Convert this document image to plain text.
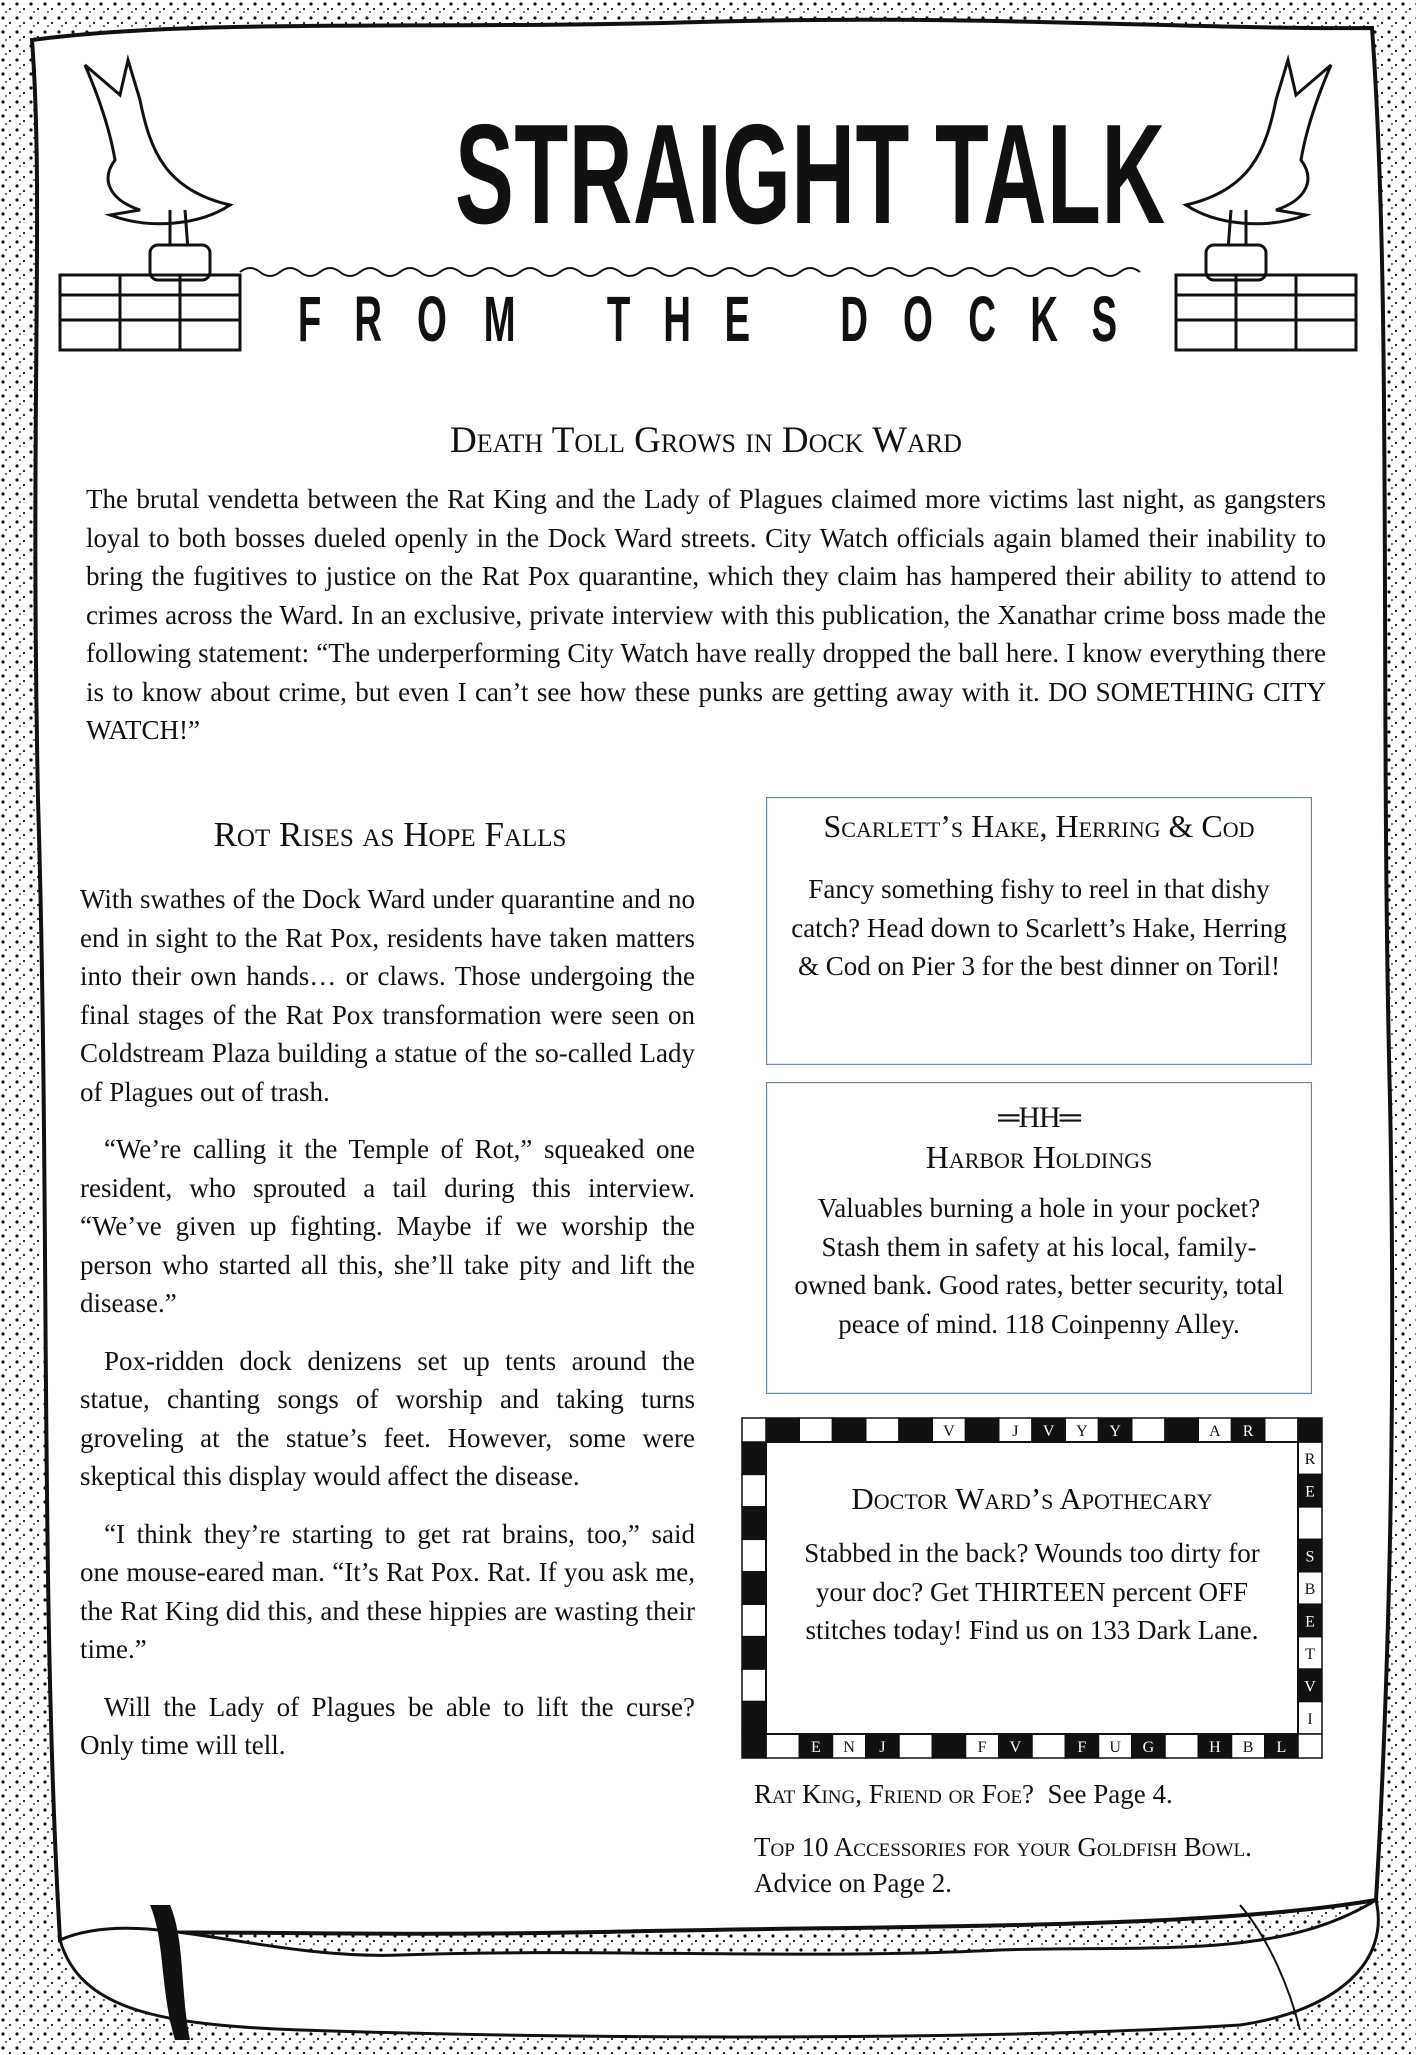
E N J
V
F
J
V
V Y
F
Y
U G
A
H
R
B L
R
E
S
B
E
T
V
I
STRAIGHT TALK
F R O M T H E D O C K S
Death Toll Grows in Dock Ward
The brutal vendetta between the Rat King and the Lady of Plagues claimed more victims last night, as gangsters loyal to both bosses dueled openly in the Dock Ward streets. City Watch officials again blamed their inability to bring the fugitives to justice on the Rat Pox quarantine, which they claim has hampered their ability to attend to crimes across the Ward. In an exclusive, private interview with this publication, the Xanathar crime boss made the following statement: “The underperforming City Watch have really dropped the ball here. I know everything there is to know about crime, but even I can’t see how these punks are getting away with it. DO SOMETHING CITY WATCH!”
Rot Rises as Hope Falls

With swathes of the Dock Ward under quarantine and no end in sight to the Rat Pox, residents have taken matters into their own hands… or claws. Those undergoing the final stages of the Rat Pox transformation were seen on Coldstream Plaza building a statue of the so-called Lady of Plagues out of trash.

“We’re calling it the Temple of Rot,” squeaked one resident, who sprouted a tail during this interview. “We’ve given up fighting. Maybe if we worship the person who started all this, she’ll take pity and lift the disease.”

Pox-ridden dock denizens set up tents around the statue, chanting songs of worship and taking turns groveling at the statue’s feet. However, some were skeptical this display would affect the disease.

“I think they’re starting to get rat brains, too,” said one mouse-eared man. “It’s Rat Pox. Rat. If you ask me, the Rat King did this, and these hippies are wasting their time.”

Will the Lady of Plagues be able to lift the curse? Only time will tell.

Scarlett’s Hake, Herring & Cod
Fancy something fishy to reel in that dishy catch? Head down to Scarlett’s Hake, Herring & Cod on Pier 3 for the best dinner on Toril!
═HH═
Harbor Holdings
Valuables burning a hole in your pocket? Stash them in safety at his local, family-owned bank. Good rates, better security, total peace of mind. 118 Coinpenny Alley.
Doctor Ward’s Apothecary
Stabbed in the back? Wounds too dirty for your doc? Get THIRTEEN percent OFF stitches today! Find us on 133 Dark Lane.
Rat King, Friend or Foe? See Page 4.
Top 10 Accessories for your Goldfish Bowl. Advice on Page 2.
